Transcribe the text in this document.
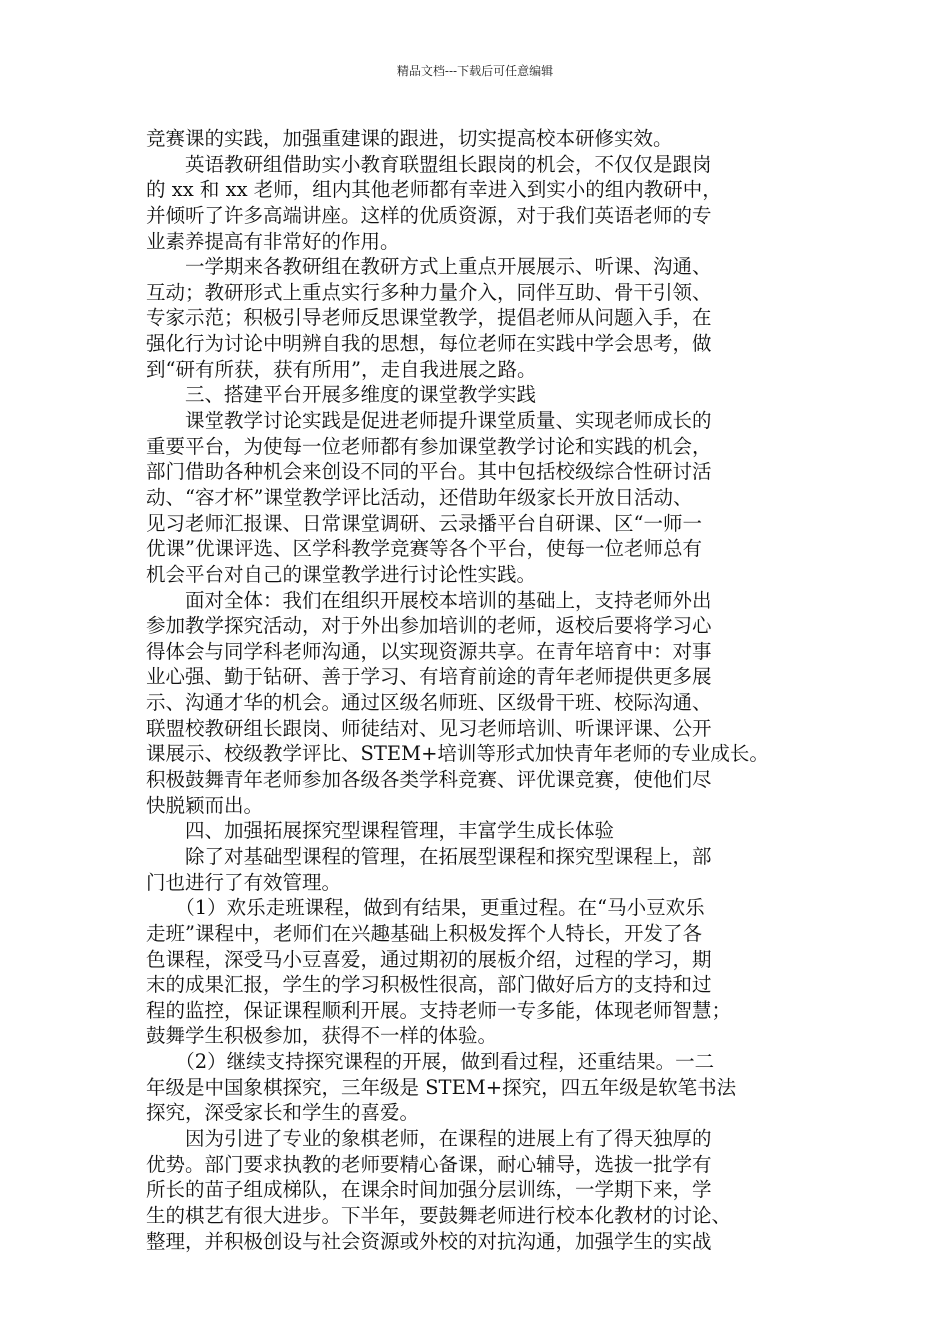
精品文档---下载后可任意编辑
竞赛课的实践，加强重建课的跟进，切实提高校本研修实效。
　　英语教研组借助实小教育联盟组长跟岗的机会，不仅仅是跟岗
的 xx 和 xx 老师，组内其他老师都有幸进入到实小的组内教研中，
并倾听了许多高端讲座。这样的优质资源，对于我们英语老师的专
业素养提高有非常好的作用。
　　一学期来各教研组在教研方式上重点开展展示、听课、沟通、
互动；教研形式上重点实行多种力量介入，同伴互助、骨干引领、
专家示范；积极引导老师反思课堂教学，提倡老师从问题入手，在
强化行为讨论中明辨自我的思想，每位老师在实践中学会思考，做
到“研有所获，获有所用”，走自我进展之路。
　　三、搭建平台开展多维度的课堂教学实践
　　课堂教学讨论实践是促进老师提升课堂质量、实现老师成长的
重要平台，为使每一位老师都有参加课堂教学讨论和实践的机会，
部门借助各种机会来创设不同的平台。其中包括校级综合性研讨活
动、“容才杯”课堂教学评比活动，还借助年级家长开放日活动、
见习老师汇报课、日常课堂调研、云录播平台自研课、区“一师一
优课”优课评选、区学科教学竞赛等各个平台，使每一位老师总有
机会平台对自己的课堂教学进行讨论性实践。
　　面对全体：我们在组织开展校本培训的基础上，支持老师外出
参加教学探究活动，对于外出参加培训的老师，返校后要将学习心
得体会与同学科老师沟通，以实现资源共享。在青年培育中：对事
业心强、勤于钻研、善于学习、有培育前途的青年老师提供更多展
示、沟通才华的机会。通过区级名师班、区级骨干班、校际沟通、
联盟校教研组长跟岗、师徒结对、见习老师培训、听课评课、公开
课展示、校级教学评比、STEM+培训等形式加快青年老师的专业成长。
积极鼓舞青年老师参加各级各类学科竞赛、评优课竞赛，使他们尽
快脱颖而出。
　　四、加强拓展探究型课程管理，丰富学生成长体验
　　除了对基础型课程的管理，在拓展型课程和探究型课程上，部
门也进行了有效管理。
　　（1）欢乐走班课程，做到有结果，更重过程。在“马小豆欢乐
走班”课程中，老师们在兴趣基础上积极发挥个人特长，开发了各
色课程，深受马小豆喜爱，通过期初的展板介绍，过程的学习，期
末的成果汇报，学生的学习积极性很高，部门做好后方的支持和过
程的监控，保证课程顺利开展。支持老师一专多能，体现老师智慧；
鼓舞学生积极参加，获得不一样的体验。
　　（2）继续支持探究课程的开展，做到看过程，还重结果。一二
年级是中国象棋探究，三年级是 STEM+探究，四五年级是软笔书法
探究，深受家长和学生的喜爱。
　　因为引进了专业的象棋老师，在课程的进展上有了得天独厚的
优势。部门要求执教的老师要精心备课，耐心辅导，选拔一批学有
所长的苗子组成梯队，在课余时间加强分层训练，一学期下来，学
生的棋艺有很大进步。下半年，要鼓舞老师进行校本化教材的讨论、
整理，并积极创设与社会资源或外校的对抗沟通，加强学生的实战
